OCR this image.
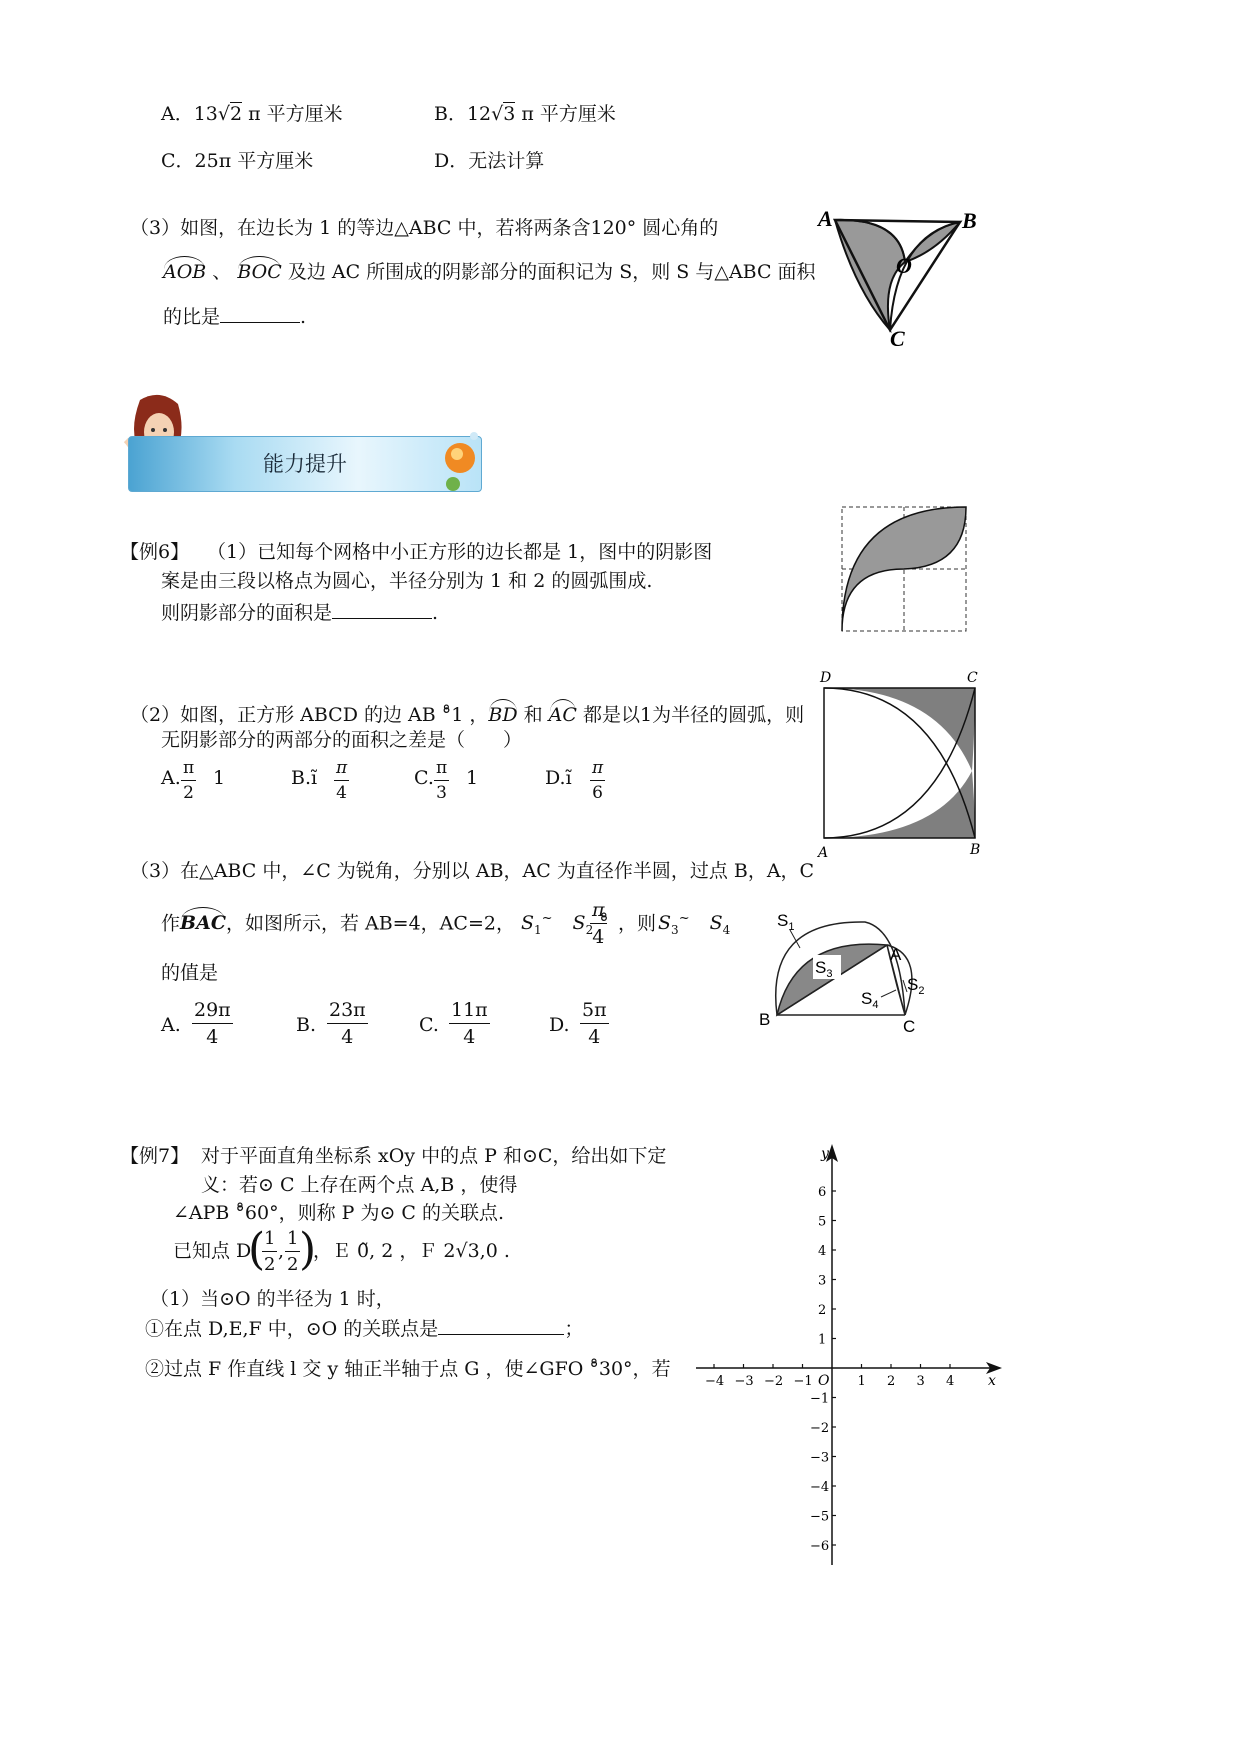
A．13√2 π 平方厘米	B．12√3 π 平方厘米
C．25π 平方厘米	D．无法计算
（3）如图，在边长为 1 的等边△ABC 中，若将两条含120° 圆心角的
AOB 、 BOC 及边 AC 所围成的阴影部分的面积记为 S，则 S 与△ABC 面积
的比是	.
A	B
O
C
能力提升
【例6】 （1）已知每个网格中小正方形的边长都是 1，图中的阴影图
案是由三段以格点为圆心，半径分别为 1 和 2 的圆弧围成.
则阴影部分的面积是	.
（2）如图，正方形 ABCD 的边 AB °̊1 ，BD 和 AC 都是以1为半径的圆弧，则
无阴影部分的两部分的面积之差是（　　）
A. $\frac{\pi}{2} 1$	B.ı̃ $\frac{\pi}{4}$	C. $\frac{\pi}{3} 1$	D.ı̃ $\frac{\pi}{6}$
D	C
A	B
（3）在△ABC 中，∠C 为锐角，分别以 AB，AC 为直径作半圆，过点 B，A，C
作BAC，如图所示，若 AB=4，AC=2， $S_1^\sim$ $S_2$ °̊
$\frac{\pi}{4}$ ，则 $S_3^\sim$ $S_4$
的值是
A. $\frac{29\pi}{4}$	B. $\frac{23\pi}{4}$	C. $\frac{11\pi}{4}$	D. $\frac{5\pi}{4}$
$S_1$
$S_3$
$S_4$
$S_2$
A
B	C
【例7】 对于平面直角坐标系 xOy 中的点 P 和⊙C，给出如下定
义：若⊙ C 上存在两个点 A,B ，使得
∠APB °̊60°，则称 P 为⊙ C 的关联点.
已知点 D
(
$\frac{1}{2}$ , $\frac{1}{2}$
)
，Ｅ 0̃, 2 ，Ｆ 2√3,0 .
（1）当⊙O 的半径为 1 时，
①在点 D,E,F 中，⊙O 的关联点是	；
②过点 F 作直线 l 交 y 轴正半轴于点 G ，使∠GFO °̊30°，若
x
y
O
−4 −3 −2 −1	1 2 3 4
6
5
4
3
2
1
−1
−2
−3
−4
−5
−6
